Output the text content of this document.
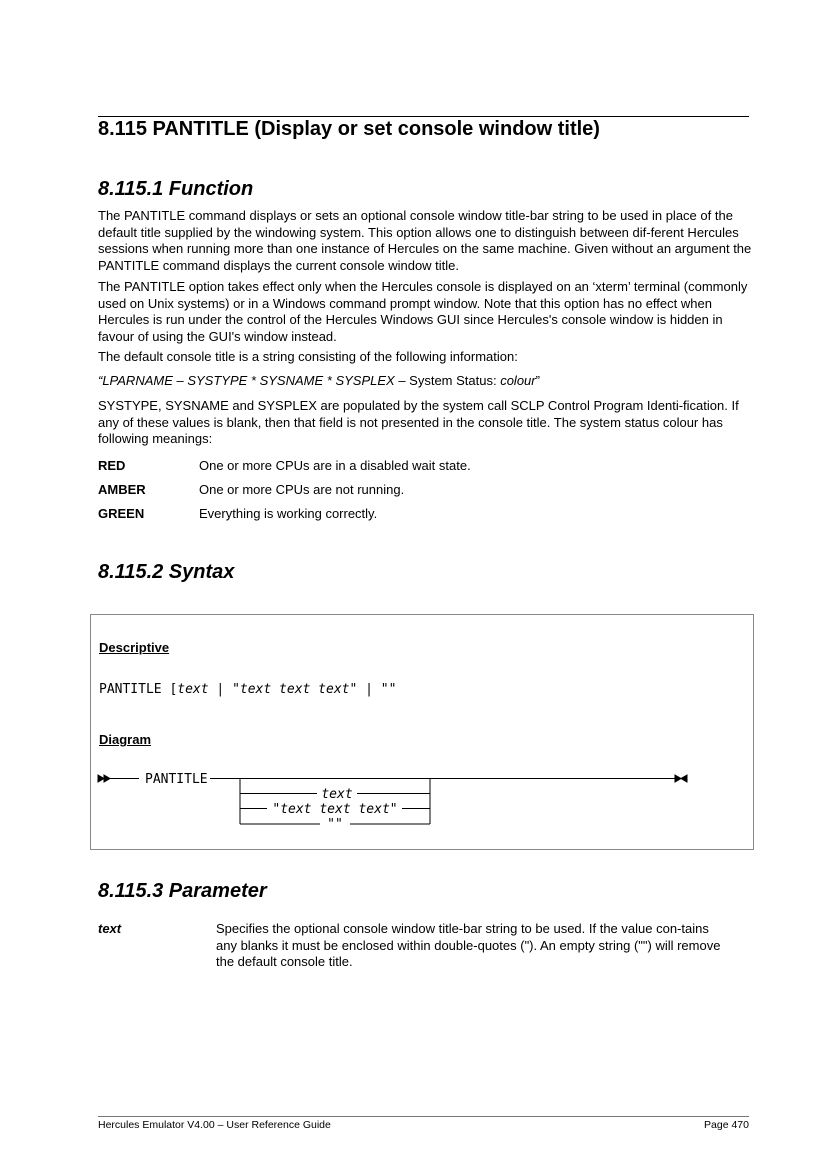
8.115 PANTITLE (Display or set console window title)
8.115.1 Function
The PANTITLE command displays or sets an optional console window title-bar string to be used in place of the default title supplied by the windowing system. This option allows one to distinguish between dif-ferent Hercules sessions when running more than one instance of Hercules on the same machine. Given without an argument the PANTITLE command displays the current console window title.
The PANTITLE option takes effect only when the Hercules console is displayed on an ‘xterm’ terminal (commonly used on Unix systems) or in a Windows command prompt window. Note that this option has no effect when Hercules is run under the control of the Hercules Windows GUI since Hercules's console window is hidden in favour of using the GUI's window instead.
The default console title is a string consisting of the following information:
“LPARNAME – SYSTYPE * SYSNAME * SYSPLEX – System Status: colour”
SYSTYPE, SYSNAME and SYSPLEX are populated by the system call SCLP Control Program Identi-fication. If any of these values is blank, then that field is not presented in the console title. The system status colour has following meanings:
RED	One or more CPUs are in a disabled wait state.
AMBER	One or more CPUs are not running.
GREEN	Everything is working correctly.
8.115.2 Syntax
Descriptive
PANTITLE [text | "text text text" | ""
Diagram
PANTITLE
text
"text text text"
""
8.115.3 Parameter
text	Specifies the optional console window title-bar string to be used. If the value con-tains any blanks it must be enclosed within double-quotes ("). An empty string ("") will remove the default console title.
Hercules Emulator V4.00 – User Reference Guide	Page 470
